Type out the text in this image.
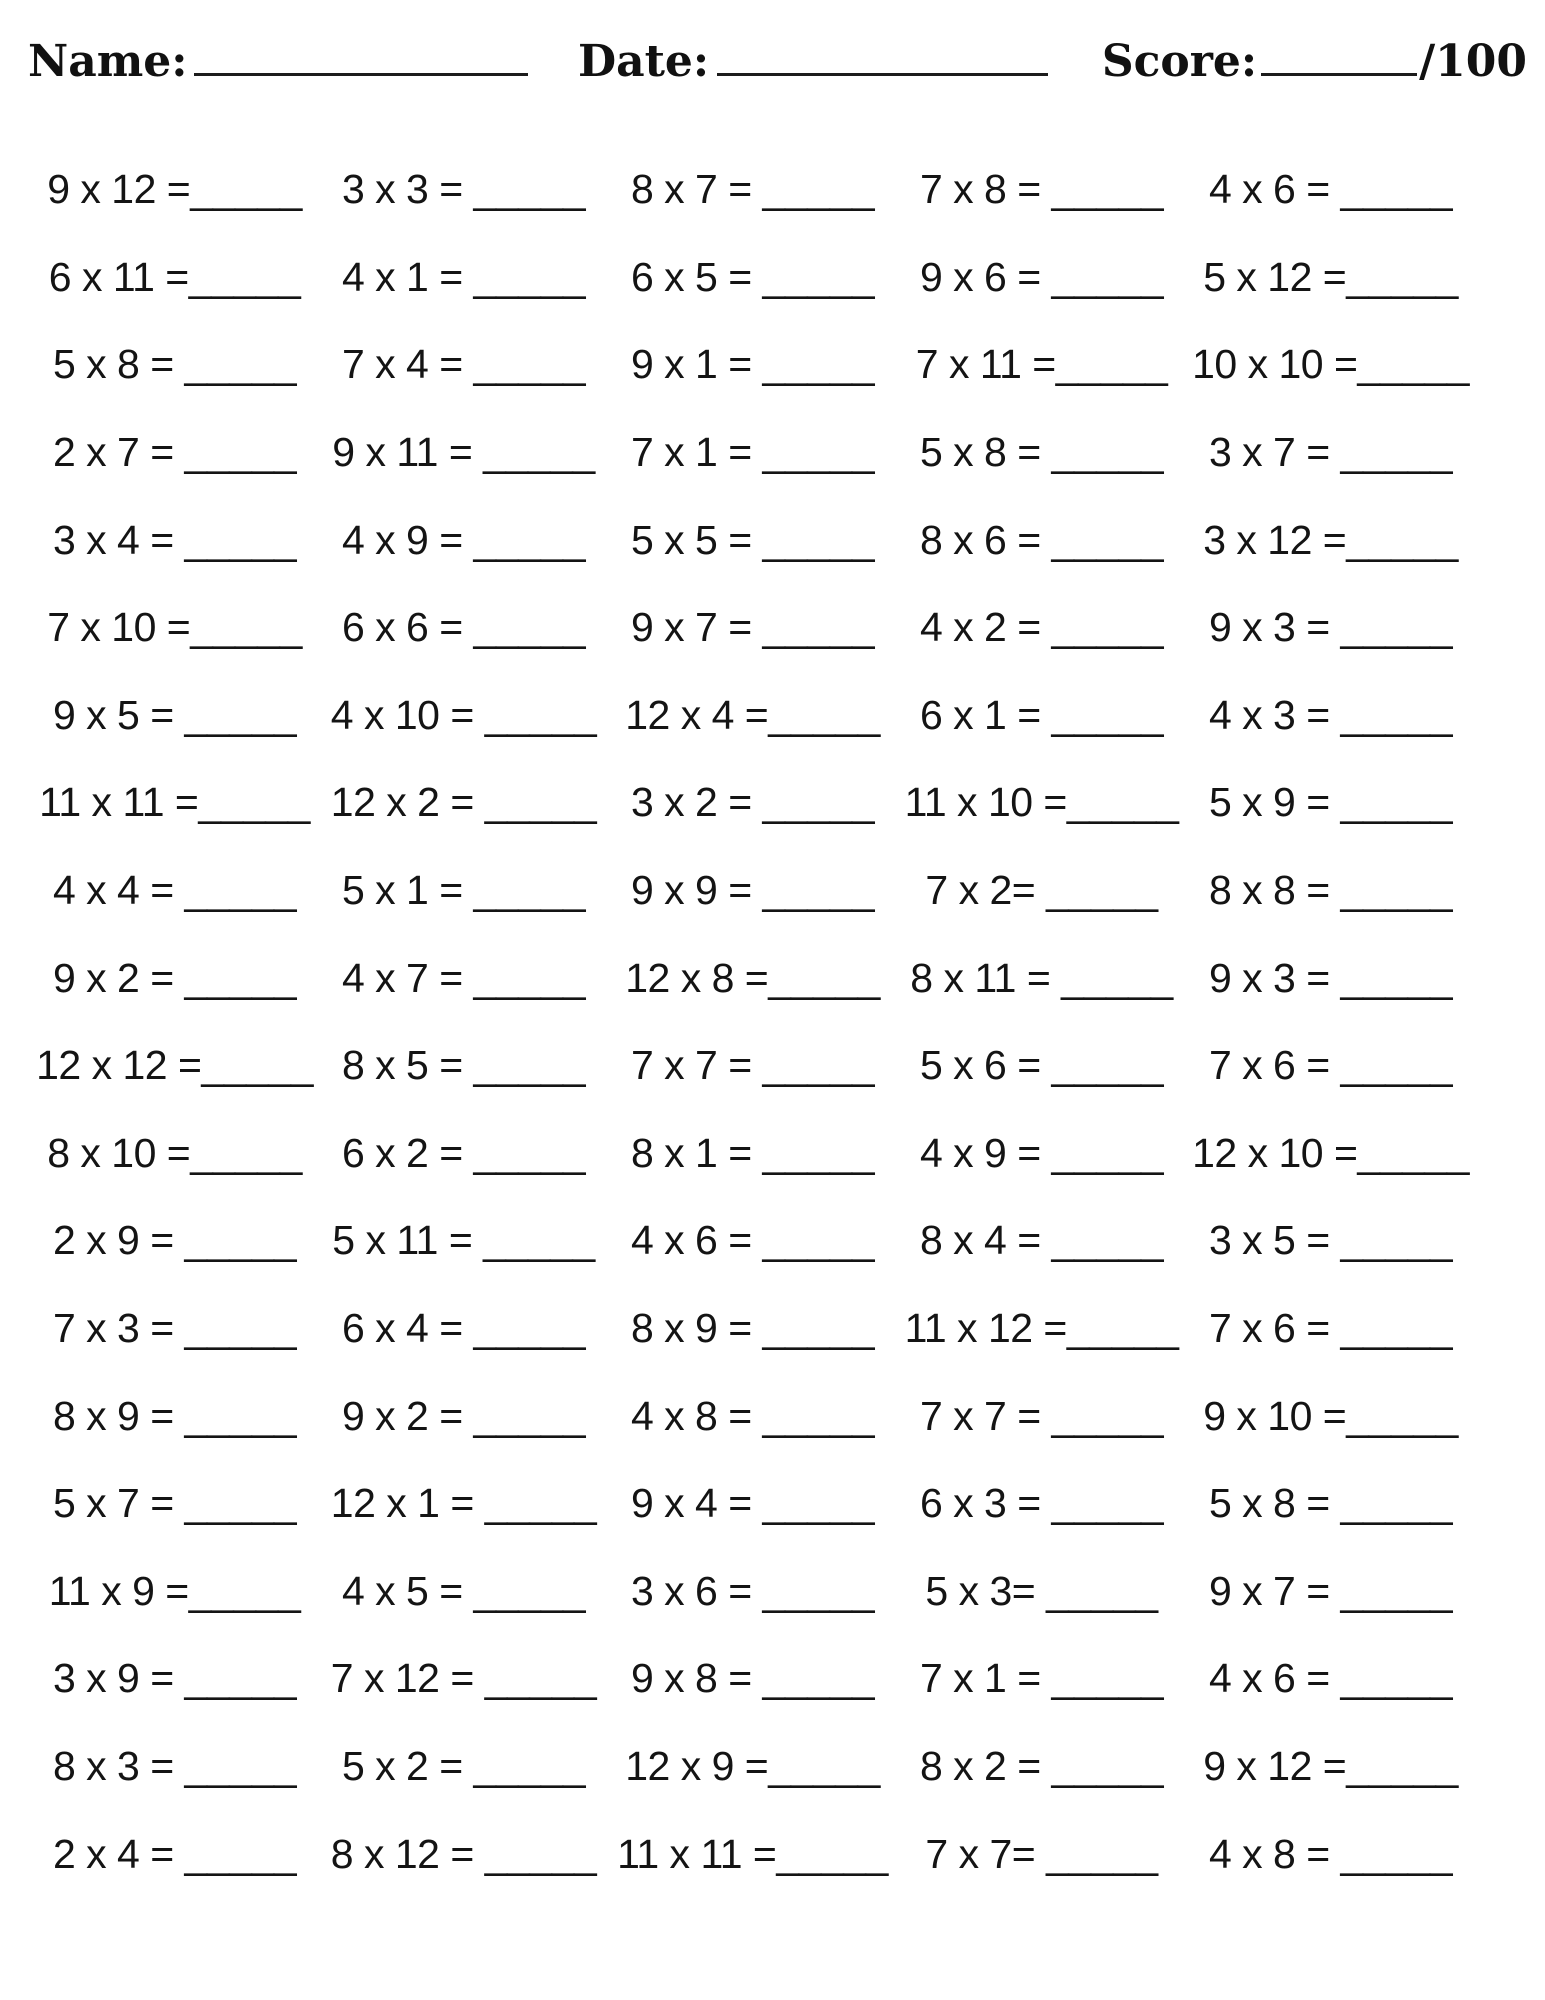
Name:	Date:	Score:	/100
9 x 12 =_____ 3 x 3 = _____	8 x 7 = _____	7 x 8 = _____	4 x 6 = _____
6 x 11 =_____	4 x 1 = _____	6 x 5 = _____	9 x 6 = _____ 5 x 12 =_____
5 x 8 = _____	7 x 4 = _____	9 x 1 = _____	7 x 11 =_____ 10 x 10 =_____
2 x 7 = _____ 9 x 11 = _____ 7 x 1 = _____	5 x 8 = _____	3 x 7 = _____
3 x 4 = _____	4 x 9 = _____	5 x 5 = _____	8 x 6 = _____ 3 x 12 =_____
7 x 10 =_____ 6 x 6 = _____	9 x 7 = _____	4 x 2 = _____	9 x 3 = _____
9 x 5 = _____ 4 x 10 = _____ 12 x 4 =_____ 6 x 1 = _____	4 x 3 = _____
11 x 11 =_____ 12 x 2 = _____ 3 x 2 = _____ 11 x 10 =_____ 5 x 9 = _____
4 x 4 = _____	5 x 1 = _____	9 x 9 = _____	7 x 2= _____	8 x 8 = _____
9 x 2 = _____	4 x 7 = _____ 12 x 8 =_____ 8 x 11 = _____ 9 x 3 = _____
12 x 12 =_____ 8 x 5 = _____	7 x 7 = _____	5 x 6 = _____	7 x 6 = _____
8 x 10 =_____ 6 x 2 = _____	8 x 1 = _____	4 x 9 = _____ 12 x 10 =_____
2 x 9 = _____ 5 x 11 = _____ 4 x 6 = _____	8 x 4 = _____	3 x 5 = _____
7 x 3 = _____	6 x 4 = _____	8 x 9 = _____ 11 x 12 =_____ 7 x 6 = _____
8 x 9 = _____	9 x 2 = _____	4 x 8 = _____	7 x 7 = _____ 9 x 10 =_____
5 x 7 = _____ 12 x 1 = _____ 9 x 4 = _____	6 x 3 = _____	5 x 8 = _____
11 x 9 =_____	4 x 5 = _____	3 x 6 = _____	5 x 3= _____	9 x 7 = _____
3 x 9 = _____ 7 x 12 = _____ 9 x 8 = _____	7 x 1 = _____	4 x 6 = _____
8 x 3 = _____	5 x 2 = _____ 12 x 9 =_____ 8 x 2 = _____ 9 x 12 =_____
2 x 4 = _____ 8 x 12 = _____ 11 x 11 =_____ 7 x 7= _____	4 x 8 = _____
